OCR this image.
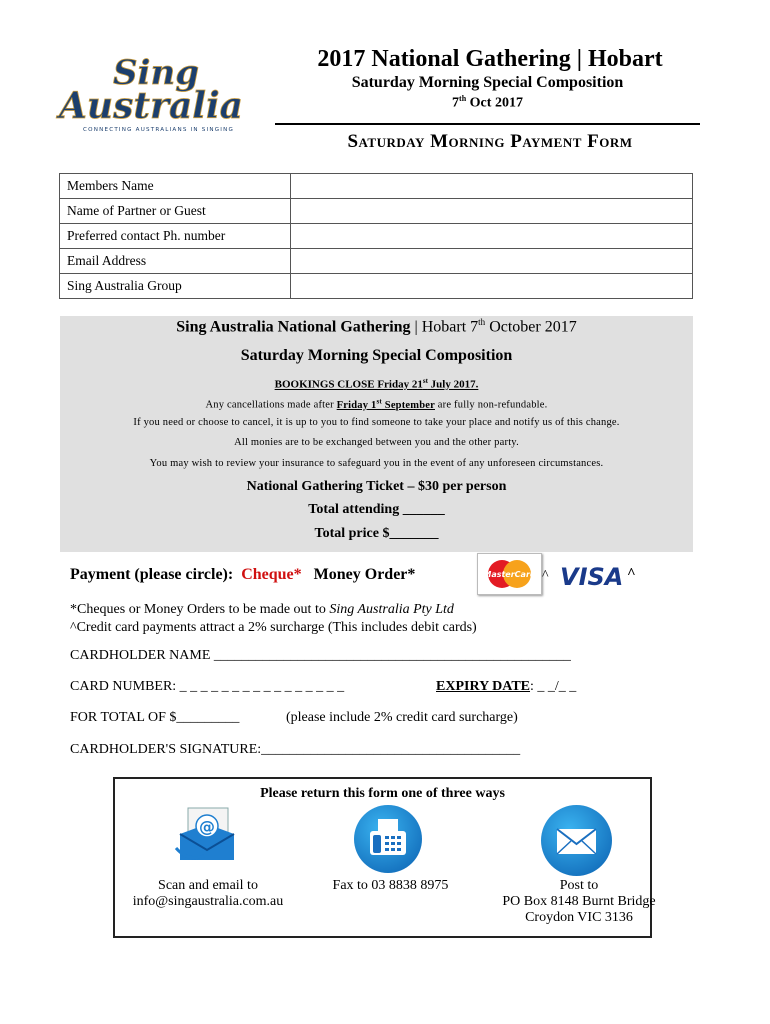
Sing
Australia
CONNECTING AUSTRALIANS IN SINGING
2017 National Gathering | Hobart
Saturday Morning Special Composition
7th Oct 2017
Saturday Morning Payment Form
Members Name	
Name of Partner or Guest	
Preferred contact Ph. number	
Email Address	
Sing Australia Group	
Sing Australia National Gathering | Hobart 7th October 2017
Saturday Morning Special Composition
BOOKINGS CLOSE Friday 21st July 2017.
Any cancellations made after Friday 1st September are fully non-refundable.
If you need or choose to cancel, it is up to you to find someone to take your place and notify us of this change.
All monies are to be exchanged between you and the other party.
You may wish to review your insurance to safeguard you in the event of any unforeseen circumstances.
National Gathering Ticket – $30 per person
Total attending ______
Total price $_______
Payment (please circle): Cheque* Money Order*	MasterCard ^ VISA ^
*Cheques or Money Orders to be made out to Sing Australia Pty Ltd
^Credit card payments attract a 2% surcharge (This includes debit cards)
CARDHOLDER NAME ___________________________________________________
CARD NUMBER: _ _ _ _ _ _ _ _ _ _ _ _ _ _ _ _	EXPIRY DATE: _ _/_ _
FOR TOTAL OF $_________	(please include 2% credit card surcharge)
CARDHOLDER'S SIGNATURE:_____________________________________
Please return this form one of three ways
@
Scan and email to
info@singaustralia.com.au
Fax to 03 8838 8975	Post to
PO Box 8148 Burnt Bridge
Croydon VIC 3136
